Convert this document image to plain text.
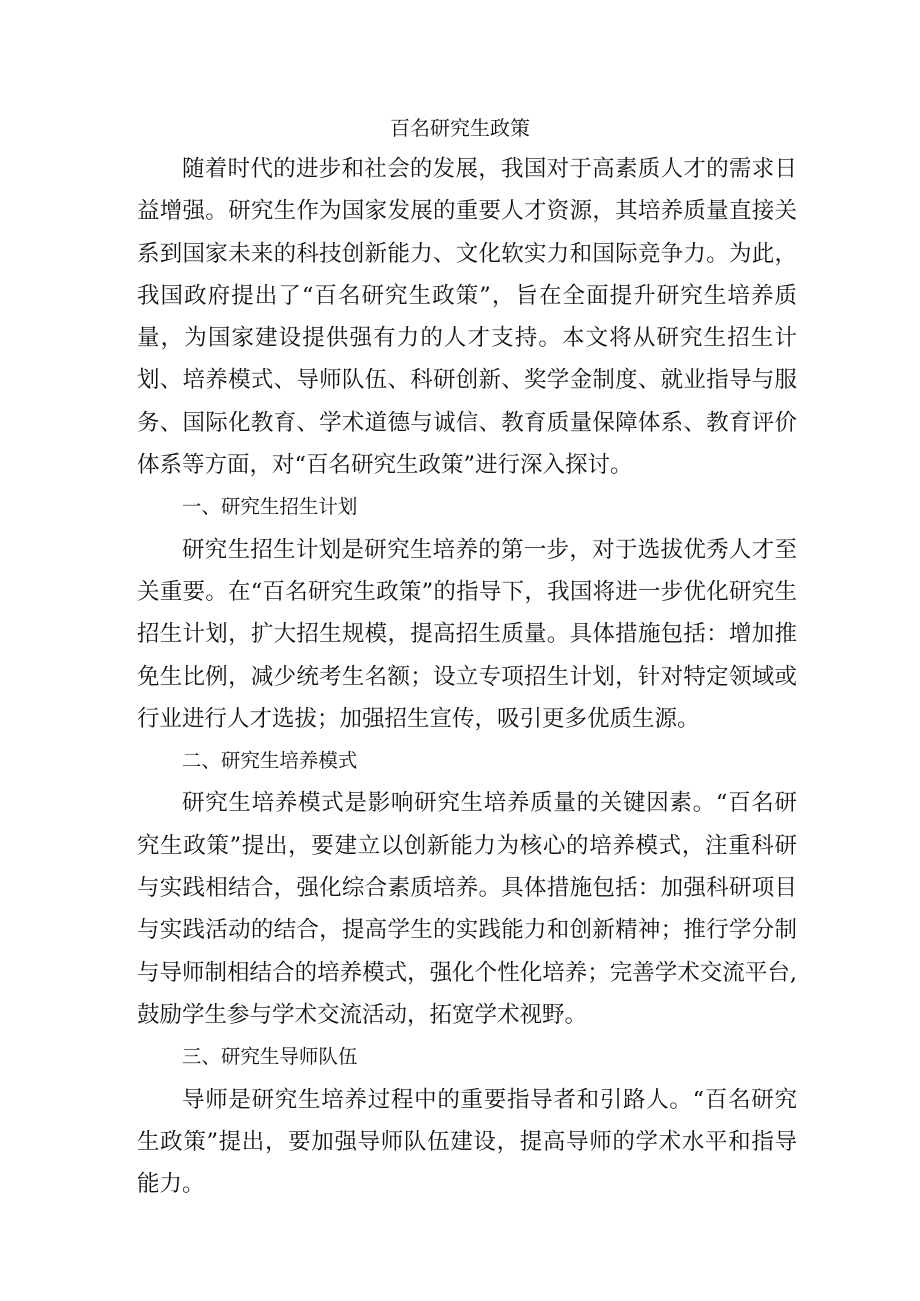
百名研究生政策

随着时代的进步和社会的发展，我国对于高素质人才的需求日益增强。研究生作为国家发展的重要人才资源，其培养质量直接关系到国家未来的科技创新能力、文化软实力和国际竞争力。为此，我国政府提出了“百名研究生政策”，旨在全面提升研究生培养质量，为国家建设提供强有力的人才支持。本文将从研究生招生计划、培养模式、导师队伍、科研创新、奖学金制度、就业指导与服务、国际化教育、学术道德与诚信、教育质量保障体系、教育评价体系等方面，对“百名研究生政策”进行深入探讨。

一、研究生招生计划

研究生招生计划是研究生培养的第一步，对于选拔优秀人才至关重要。在“百名研究生政策”的指导下，我国将进一步优化研究生招生计划，扩大招生规模，提高招生质量。具体措施包括：增加推免生比例，减少统考生名额；设立专项招生计划，针对特定领域或行业进行人才选拔；加强招生宣传，吸引更多优质生源。

二、研究生培养模式

研究生培养模式是影响研究生培养质量的关键因素。“百名研究生政策”提出，要建立以创新能力为核心的培养模式，注重科研与实践相结合，强化综合素质培养。具体措施包括：加强科研项目与实践活动的结合，提高学生的实践能力和创新精神；推行学分制与导师制相结合的培养模式，强化个性化培养；完善学术交流平台,鼓励学生参与学术交流活动，拓宽学术视野。

三、研究生导师队伍

导师是研究生培养过程中的重要指导者和引路人。“百名研究生政策”提出，要加强导师队伍建设，提高导师的学术水平和指导能力。
